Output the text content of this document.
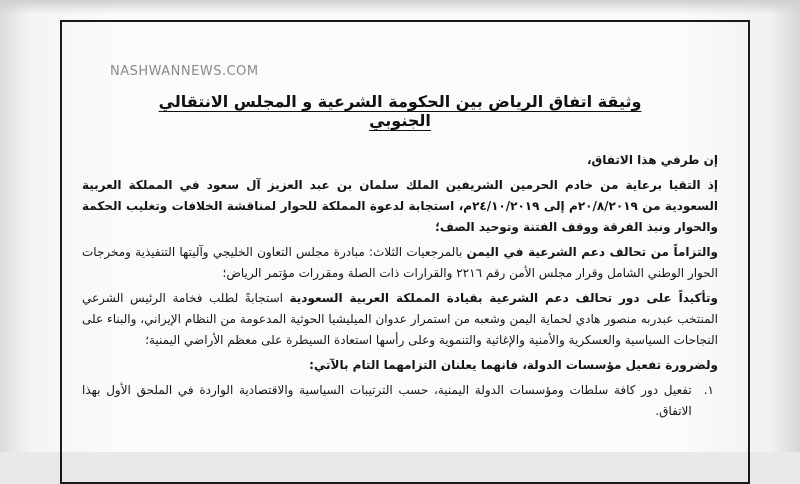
NASHWANNEWS.COM
وثيقة اتفاق الرياض بين الحكومة الشرعية و المجلس الانتقالي الجنوبي

إن طرفي هذا الاتفاق،

إذ التقيا برعاية من خادم الحرمين الشريفين الملك سلمان بن عبد العزيز آل سعود في المملكة العربية السعودية من ٢٠/٨/٢٠١٩م إلى ٢٤/١٠/٢٠١٩م، استجابة لدعوة المملكة للحوار لمناقشة الخلافات وتغليب الحكمة والحوار ونبذ الفرقة ووقف الفتنة وتوحيد الصف؛

والتزاماً من تحالف دعم الشرعية في اليمن بالمرجعيات الثلاث: مبادرة مجلس التعاون الخليجي وآليتها التنفيذية ومخرجات الحوار الوطني الشامل وقرار مجلس الأمن رقم ٢٢١٦ والقرارات ذات الصلة ومقررات مؤتمر الرياض؛

وتأكيداً على دور تحالف دعم الشرعية بقيادة المملكة العربية السعودية استجابةً لطلب فخامة الرئيس الشرعي المنتخب عبدربه منصور هادي لحماية اليمن وشعبه من استمرار عدوان الميليشيا الحوثية المدعومة من النظام الإيراني، والبناء على النجاحات السياسية والعسكرية والأمنية والإغاثية والتنموية وعلى رأسها استعادة السيطرة على معظم الأراضي اليمنية؛

ولضرورة تفعيل مؤسسات الدولة، فانهما يعلنان التزامهما التام بالآتي:

١.
تفعيل دور كافة سلطات ومؤسسات الدولة اليمنية، حسب الترتيبات السياسية والاقتصادية الواردة في الملحق الأول بهذا الاتفاق.
